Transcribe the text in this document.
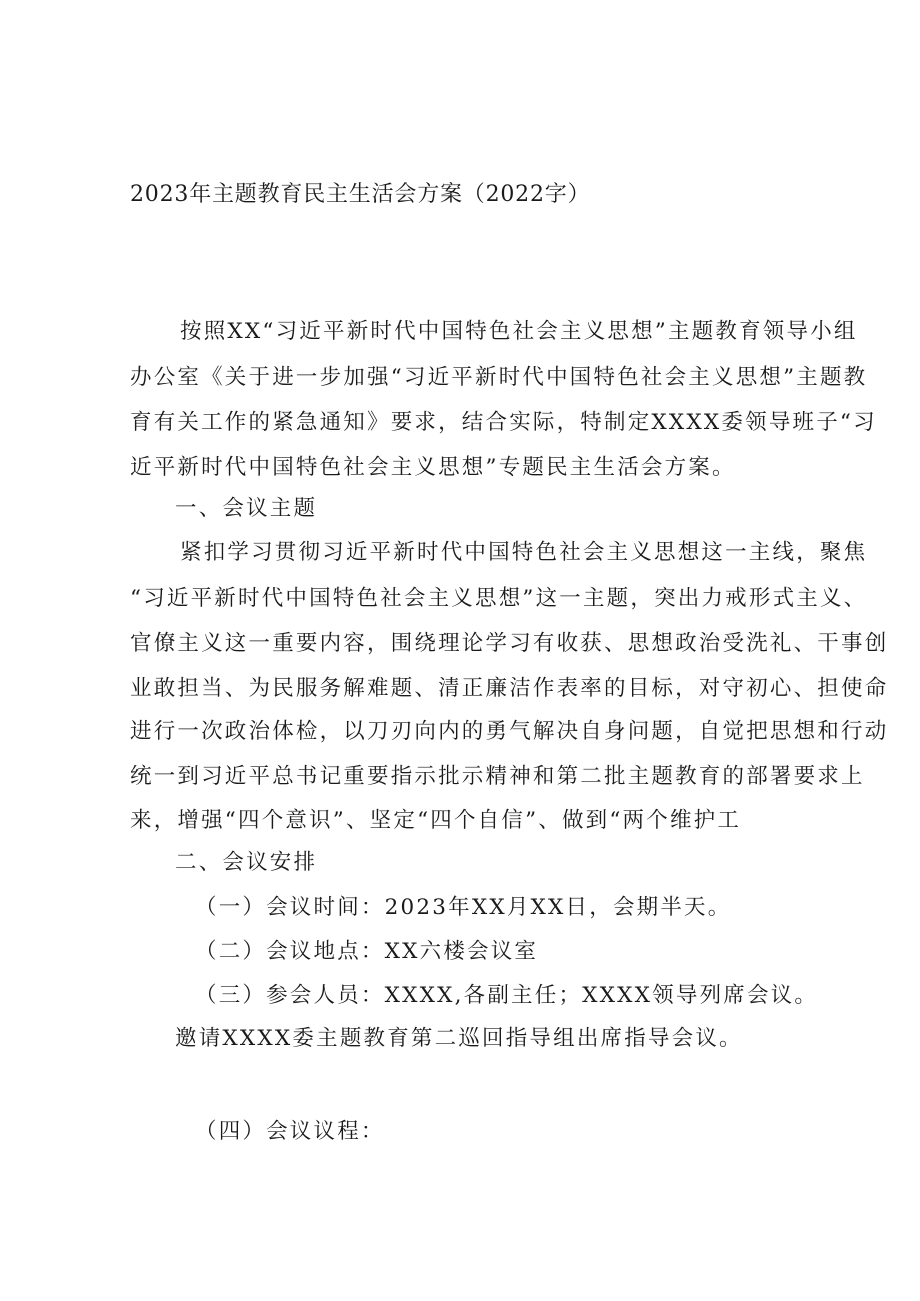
2023年主题教育民主生活会方案（2022字）
按照XX“习近平新时代中国特色社会主义思想”主题教育领导小组
办公室《关于进一步加强“习近平新时代中国特色社会主义思想”主题教
育有关工作的紧急通知》要求，结合实际，特制定XXXX委领导班子“习
近平新时代中国特色社会主义思想”专题民主生活会方案。
一、会议主题
紧扣学习贯彻习近平新时代中国特色社会主义思想这一主线，聚焦
“习近平新时代中国特色社会主义思想”这一主题，突出力戒形式主义、
官僚主义这一重要内容，围绕理论学习有收获、思想政治受洗礼、干事创
业敢担当、为民服务解难题、清正廉洁作表率的目标，对守初心、担使命
进行一次政治体检，以刀刃向内的勇气解决自身问题，自觉把思想和行动
统一到习近平总书记重要指示批示精神和第二批主题教育的部署要求上
来，增强“四个意识”、坚定“四个自信”、做到“两个维护工
二、会议安排
（一）会议时间：2023年XX月XX日，会期半天。
（二）会议地点：XX六楼会议室
（三）参会人员：XXXX,各副主任；XXXX领导列席会议。
邀请XXXX委主题教育第二巡回指导组出席指导会议。
（四）会议议程：
